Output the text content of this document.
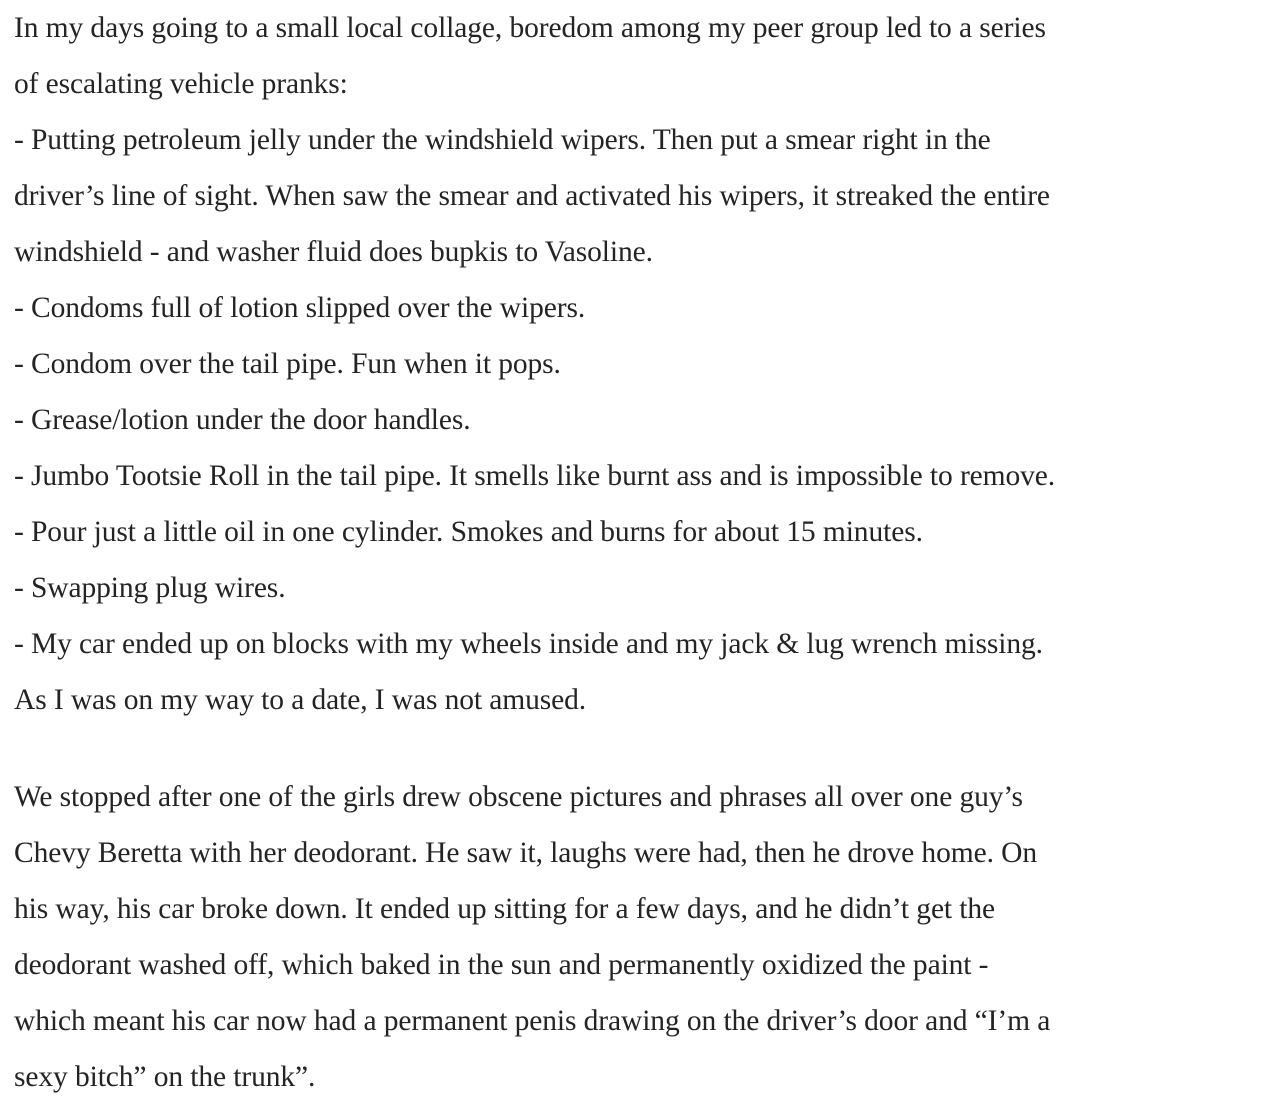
In my days going to a small local collage, boredom among my peer group led to a series
of escalating vehicle pranks:
- Putting petroleum jelly under the windshield wipers. Then put a smear right in the
driver’s line of sight. When saw the smear and activated his wipers, it streaked the entire
windshield - and washer fluid does bupkis to Vasoline.
- Condoms full of lotion slipped over the wipers.
- Condom over the tail pipe. Fun when it pops.
- Grease/lotion under the door handles.
- Jumbo Tootsie Roll in the tail pipe. It smells like burnt ass and is impossible to remove.
- Pour just a little oil in one cylinder. Smokes and burns for about 15 minutes.
- Swapping plug wires.
- My car ended up on blocks with my wheels inside and my jack & lug wrench missing.
As I was on my way to a date, I was not amused.

We stopped after one of the girls drew obscene pictures and phrases all over one guy’s
Chevy Beretta with her deodorant. He saw it, laughs were had, then he drove home. On
his way, his car broke down. It ended up sitting for a few days, and he didn’t get the
deodorant washed off, which baked in the sun and permanently oxidized the paint -
which meant his car now had a permanent penis drawing on the driver’s door and “I’m a
sexy bitch” on the trunk”.
